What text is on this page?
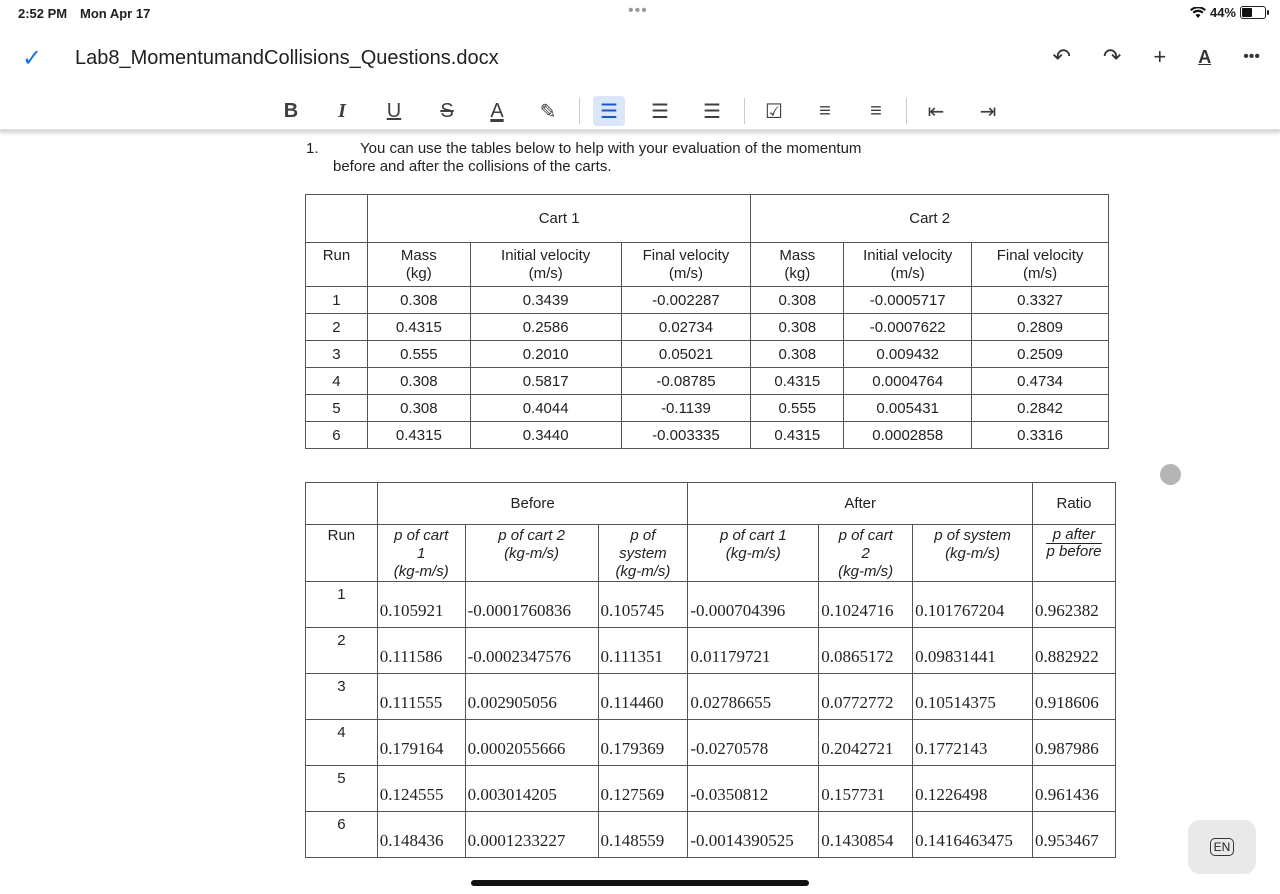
2:52 PM Mon Apr 17	•••	44%
✓ Lab8_MomentumandCollisions_Questions.docx	↶ ↷ + A •••
B	I	U	S	A	✎	☰	☰	☰	☑	≡	≡	⇤	⇥
1.	You can use the tables below to help with your evaluation of the momentum
before and after the collisions of the carts.
	Cart 1			Cart 2		
Run	Mass
(kg)	Initial velocity
(m/s)	Final velocity
(m/s)	Mass
(kg)	Initial velocity
(m/s)	Final velocity
(m/s)
1	0.308	0.3439	-0.002287	0.308	-0.0005717	0.3327
2	0.4315	0.2586	0.02734	0.308	-0.0007622	0.2809
3	0.555	0.2010	0.05021	0.308	0.009432	0.2509
4	0.308	0.5817	-0.08785	0.4315	0.0004764	0.4734
5	0.308	0.4044	-0.1139	0.555	0.005431	0.2842
6	0.4315	0.3440	-0.003335	0.4315	0.0002858	0.3316
	Before			After			Ratio
Run	p of cart
1
(kg-m/s)	p of cart 2
(kg-m/s)	p of
system
(kg-m/s)	p of cart 1
(kg-m/s)	p of cart
2
(kg-m/s)	p of system
(kg-m/s)	$\frac{\text{p after}}{\text{p before}}$
1	0.105921	-0.0001760836	0.105745	-0.000704396	0.1024716	0.101767204	0.962382
2	0.111586	-0.0002347576	0.111351	0.01179721	0.0865172	0.09831441	0.882922
3	0.111555	0.002905056	0.114460	0.02786655	0.0772772	0.10514375	0.918606
4	0.179164	0.0002055666	0.179369	-0.0270578	0.2042721	0.1772143	0.987986
5	0.124555	0.003014205	0.127569	-0.0350812	0.157731	0.1226498	0.961436
6	0.148436	0.0001233227	0.148559	-0.0014390525	0.1430854	0.1416463475	0.953467	EN
